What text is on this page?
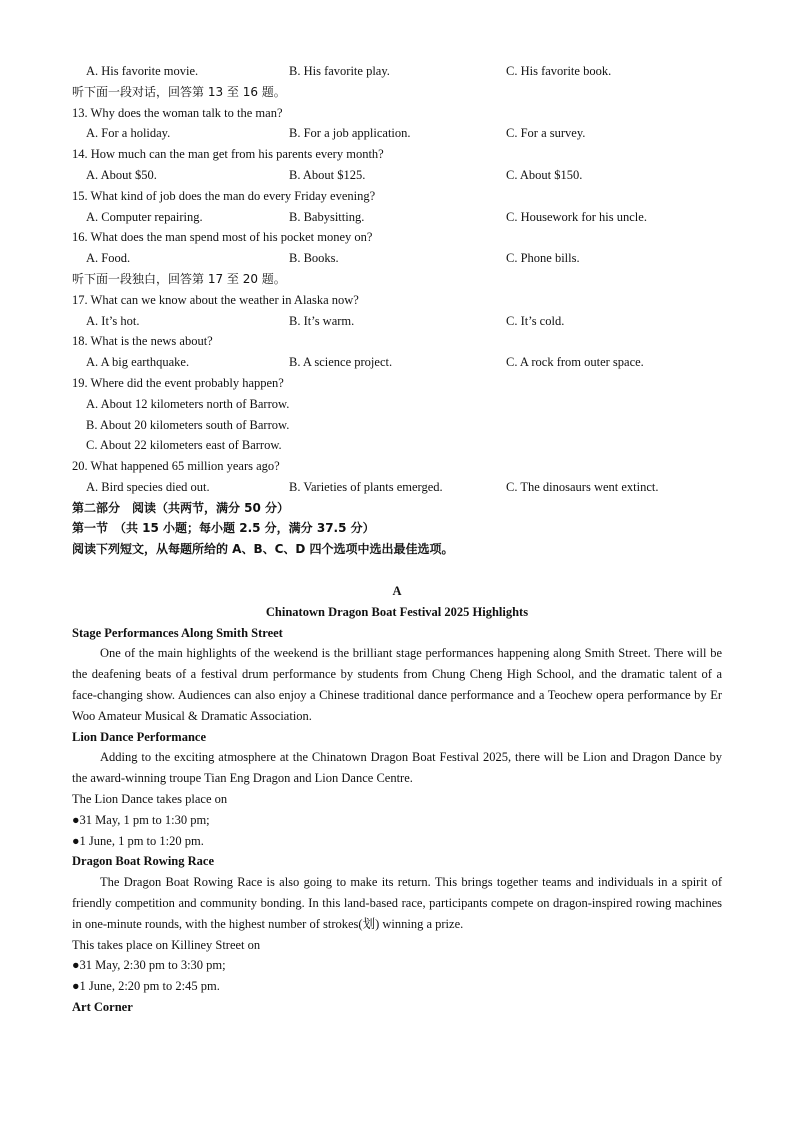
A. His favorite movie.	B. His favorite play.	C. His favorite book.
听下面一段对话，回答第 13 至 16 题。
13. Why does the woman talk to the man?
A. For a holiday.	B. For a job application.	C. For a survey.
14. How much can the man get from his parents every month?
A. About $50.	B. About $125.	C. About $150.
15. What kind of job does the man do every Friday evening?
A. Computer repairing.	B. Babysitting.	C. Housework for his uncle.
16. What does the man spend most of his pocket money on?
A. Food.	B. Books.	C. Phone bills.
听下面一段独白，回答第 17 至 20 题。
17. What can we know about the weather in Alaska now?
A. It’s hot.	B. It’s warm.	C. It’s cold.
18. What is the news about?
A. A big earthquake.	B. A science project.	C. A rock from outer space.
19. Where did the event probably happen?
A. About 12 kilometers north of Barrow.
B. About 20 kilometers south of Barrow.
C. About 22 kilometers east of Barrow.
20. What happened 65 million years ago?
A. Bird species died out.	B. Varieties of plants emerged.	C. The dinosaurs went extinct.
第二部分　阅读（共两节，满分 50 分）
第一节　（共 15 小题；每小题 2.5 分，满分 37.5 分）
阅读下列短文，从每题所给的 A、B、C、D 四个选项中选出最佳选项。
A
Chinatown Dragon Boat Festival 2025 Highlights
Stage Performances Along Smith Street

One of the main highlights of the weekend is the brilliant stage performances happening along Smith Street. There will be the deafening beats of a festival drum performance by students from Chung Cheng High School, and the dramatic talent of a face-changing show. Audiences can also enjoy a Chinese traditional dance performance and a Teochew opera performance by Er Woo Amateur Musical & Dramatic Association.

Lion Dance Performance

Adding to the exciting atmosphere at the Chinatown Dragon Boat Festival 2025, there will be Lion and Dragon Dance by the award-winning troupe Tian Eng Dragon and Lion Dance Centre.

The Lion Dance takes place on
●31 May, 1 pm to 1:30 pm;
●1 June, 1 pm to 1:20 pm.
Dragon Boat Rowing Race

The Dragon Boat Rowing Race is also going to make its return. This brings together teams and individuals in a spirit of friendly competition and community bonding. In this land-based race, participants compete on dragon-inspired rowing machines in one-minute rounds, with the highest number of strokes(划) winning a prize.

This takes place on Killiney Street on
●31 May, 2:30 pm to 3:30 pm;
●1 June, 2:20 pm to 2:45 pm.
Art Corner
